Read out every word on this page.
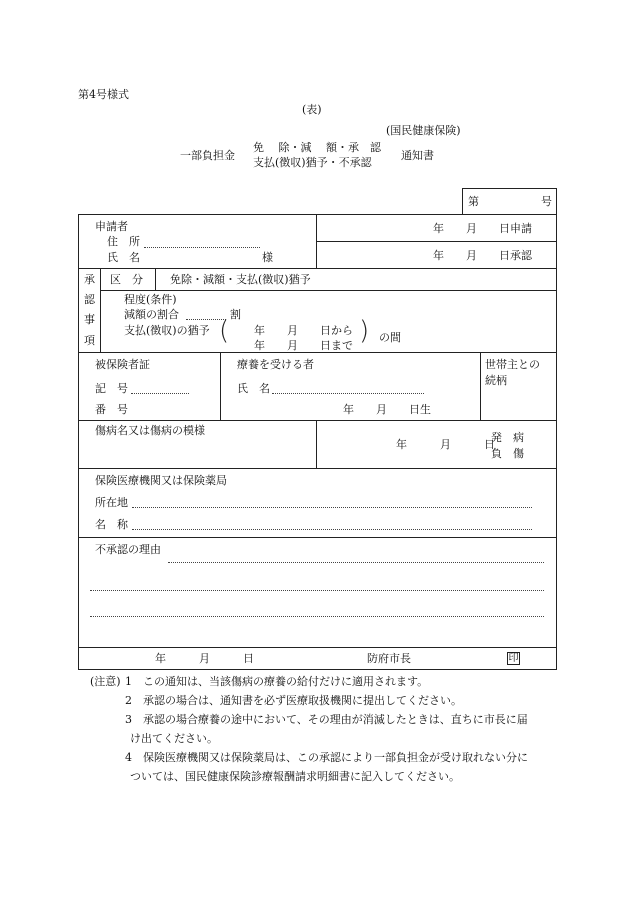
第4号様式
(表)
(国民健康保険)
一部負担金
免　 除・減　 額・承　認
支払(徴収)猶予・不承認
通知書
第	号
申請者
住　所
氏　名	様
年　　月　　日申請
年　　月　　日承認
承
認
事
項
区　分 免除・減額・支払(徴収)猶予
程度(条件)
減額の割合	割
支払(徴収)の猶予 ( 年　　月　　日から
年　　月　　日まで ) の間
被保険者証
記　号
番　号
療養を受ける者
氏　名
年　　月　　日生
世帯主との
続柄
傷病名又は傷病の模様
年　　　月　　　日
発　病
負　傷
保険医療機関又は保険薬局
所在地
名　称
不承認の理由
年　　　月　　　日	防府市長	印
(注意) 1 この通知は、当該傷病の療養の給付だけに適用されます。
2 承認の場合は、通知書を必ず医療取扱機関に提出してください。
3 承認の場合療養の途中において、その理由が消滅したときは、直ちに市長に届
け出てください。
4 保険医療機関又は保険薬局は、この承認により一部負担金が受け取れない分に
ついては、国民健康保険診療報酬請求明細書に記入してください。
